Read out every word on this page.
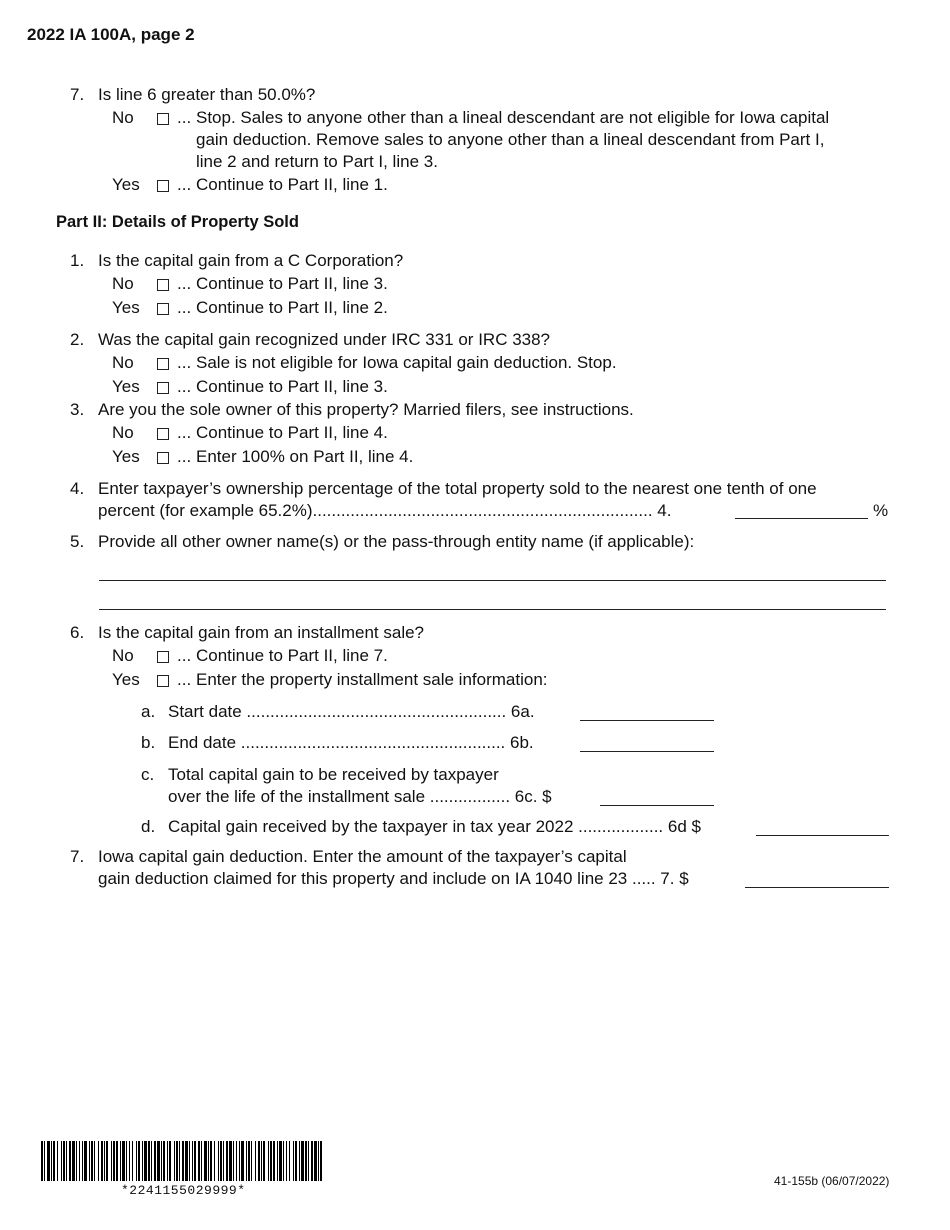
2022 IA 100A, page 2
7. Is line 6 greater than 50.0%?
No	... Stop. Sales to anyone other than a lineal descendant are not eligible for Iowa capital
gain deduction. Remove sales to anyone other than a lineal descendant from Part I,
line 2 and return to Part I, line 3.
Yes ... Continue to Part II, line 1.
Part II: Details of Property Sold
1. Is the capital gain from a C Corporation?
No	... Continue to Part II, line 3.
Yes ... Continue to Part II, line 2.
2. Was the capital gain recognized under IRC 331 or IRC 338?
No	... Sale is not eligible for Iowa capital gain deduction. Stop.
Yes ... Continue to Part II, line 3.
3. Are you the sole owner of this property? Married filers, see instructions.
No	... Continue to Part II, line 4.
Yes ... Enter 100% on Part II, line 4.
4. Enter taxpayer’s ownership percentage of the total property sold to the nearest one tenth of one
percent (for example 65.2%)........................................................................ 4.	%
5. Provide all other owner name(s) or the pass-through entity name (if applicable):
6. Is the capital gain from an installment sale?
No	... Continue to Part II, line 7.
Yes ... Enter the property installment sale information:
a. Start date ....................................................... 6a.
b. End date ........................................................ 6b.
c. Total capital gain to be received by taxpayer
over the life of the installment sale ................. 6c. $
d. Capital gain received by the taxpayer in tax year 2022 .................. 6d $
7. Iowa capital gain deduction. Enter the amount of the taxpayer’s capital
gain deduction claimed for this property and include on IA 1040 line 23 ..... 7. $
*2241155029999*
41-155b (06/07/2022)
